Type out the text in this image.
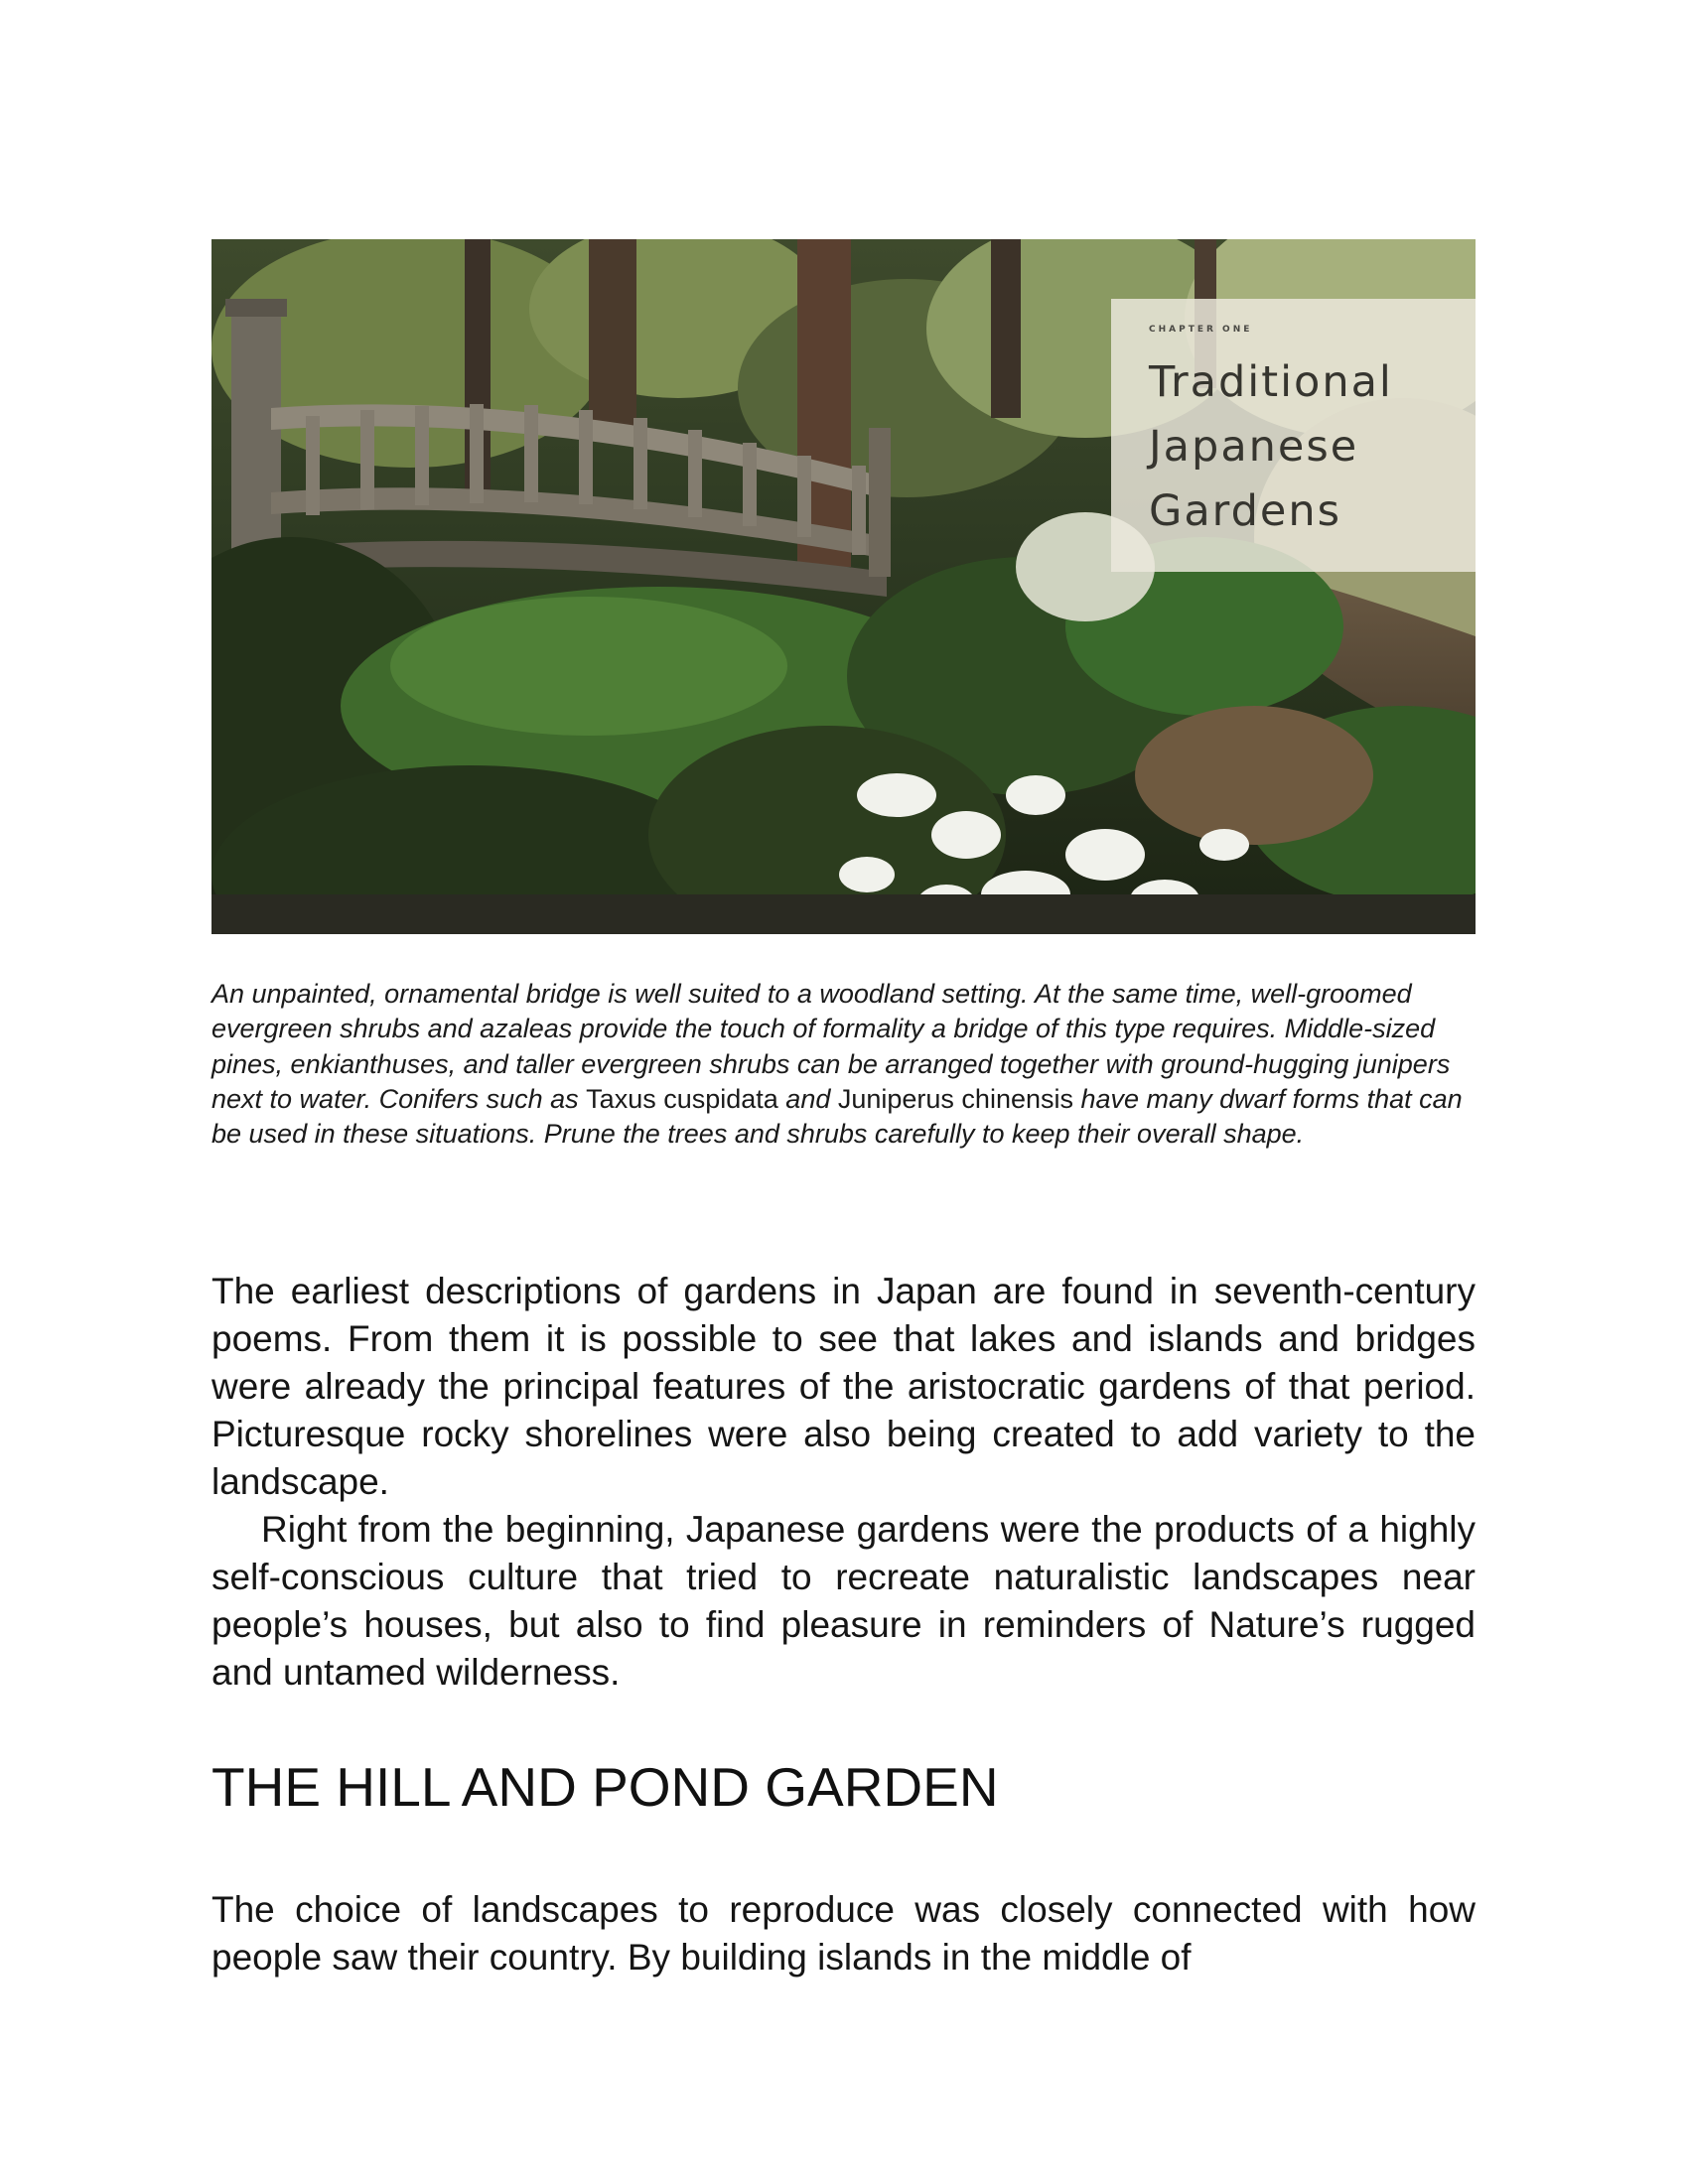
CHAPTER ONE

Traditional
Japanese
Gardens

An unpainted, ornamental bridge is well suited to a woodland setting. At the same time, well-groomed evergreen shrubs and azaleas provide the touch of formality a bridge of this type requires. Middle-sized pines, enkianthuses, and taller evergreen shrubs can be arranged together with ground-hugging junipers next to water. Conifers such as Taxus cuspidata and Juniperus chinensis have many dwarf forms that can be used in these situations. Prune the trees and shrubs carefully to keep their overall shape.

The earliest descriptions of gardens in Japan are found in seventh-century poems. From them it is possible to see that lakes and islands and bridges were already the principal features of the aristocratic gardens of that period. Picturesque rocky shorelines were also being created to add variety to the landscape.

Right from the beginning, Japanese gardens were the products of a highly self-conscious culture that tried to recreate naturalistic landscapes near people’s houses, but also to find pleasure in reminders of Nature’s rugged and untamed wilderness.

THE HILL AND POND GARDEN

The choice of landscapes to reproduce was closely connected with how people saw their country. By building islands in the middle of
